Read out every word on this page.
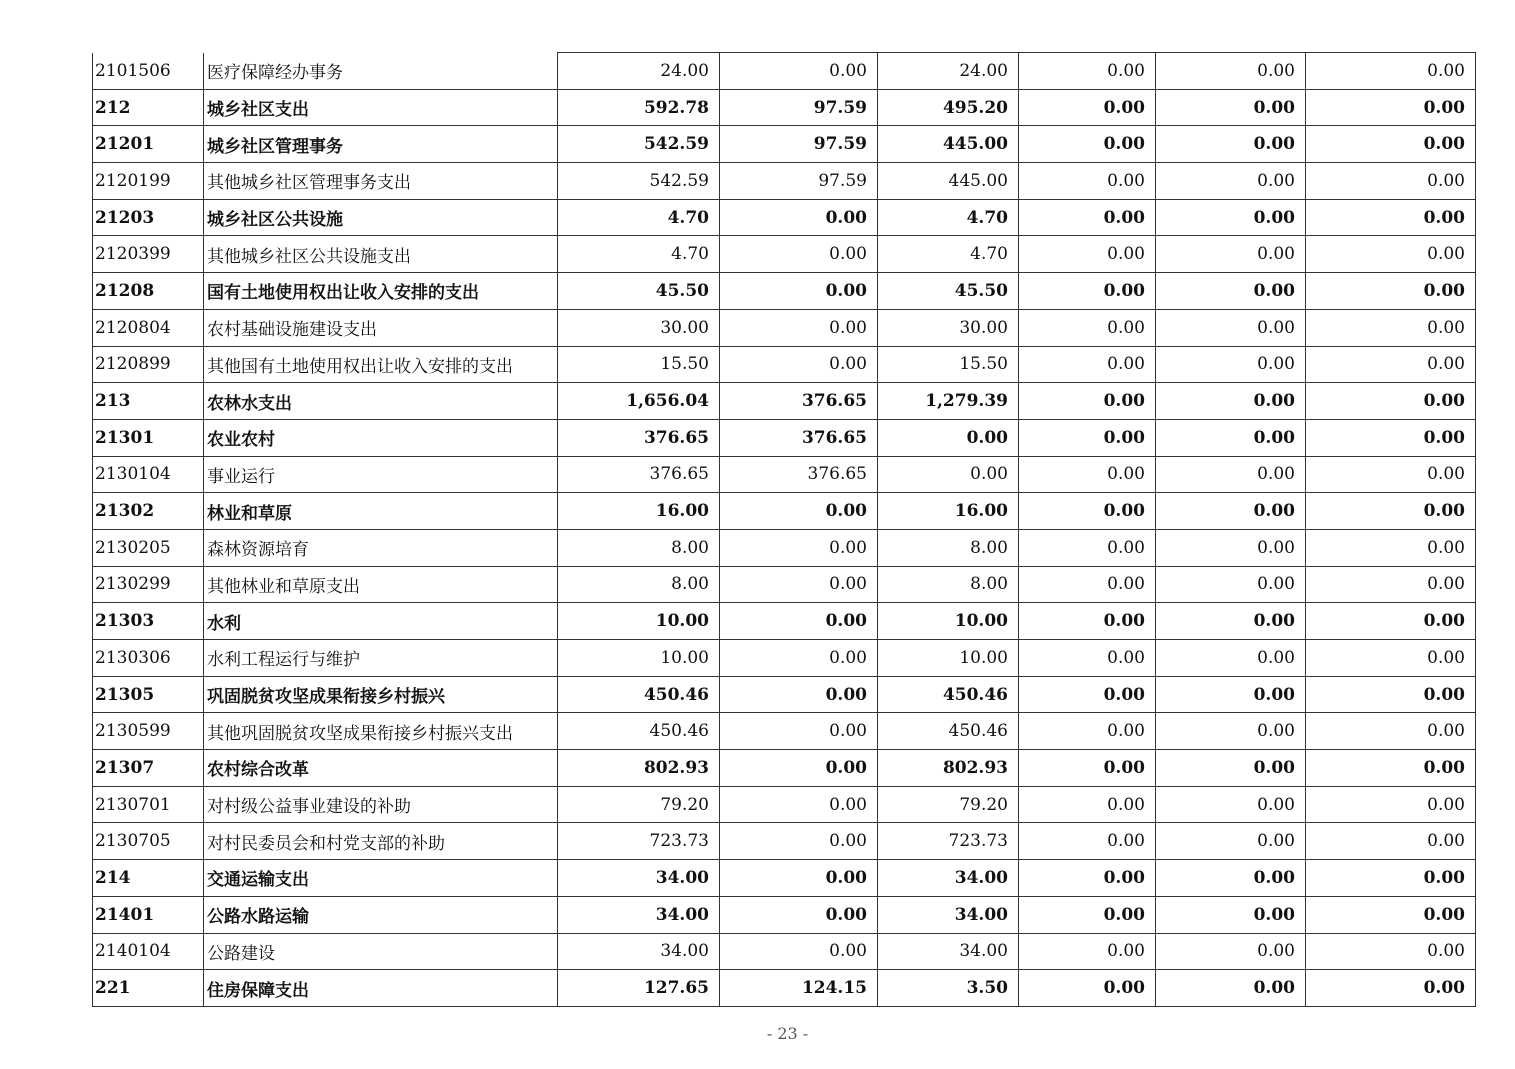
2101506	医疗保障经办事务	24.00	0.00	24.00	0.00	0.00	0.00
212	城乡社区支出	592.78	97.59	495.20	0.00	0.00	0.00
21201	城乡社区管理事务	542.59	97.59	445.00	0.00	0.00	0.00
2120199	其他城乡社区管理事务支出	542.59	97.59	445.00	0.00	0.00	0.00
21203	城乡社区公共设施	4.70	0.00	4.70	0.00	0.00	0.00
2120399	其他城乡社区公共设施支出	4.70	0.00	4.70	0.00	0.00	0.00
21208	国有土地使用权出让收入安排的支出	45.50	0.00	45.50	0.00	0.00	0.00
2120804	农村基础设施建设支出	30.00	0.00	30.00	0.00	0.00	0.00
2120899	其他国有土地使用权出让收入安排的支出	15.50	0.00	15.50	0.00	0.00	0.00
213	农林水支出	1,656.04	376.65	1,279.39	0.00	0.00	0.00
21301	农业农村	376.65	376.65	0.00	0.00	0.00	0.00
2130104	事业运行	376.65	376.65	0.00	0.00	0.00	0.00
21302	林业和草原	16.00	0.00	16.00	0.00	0.00	0.00
2130205	森林资源培育	8.00	0.00	8.00	0.00	0.00	0.00
2130299	其他林业和草原支出	8.00	0.00	8.00	0.00	0.00	0.00
21303	水利	10.00	0.00	10.00	0.00	0.00	0.00
2130306	水利工程运行与维护	10.00	0.00	10.00	0.00	0.00	0.00
21305	巩固脱贫攻坚成果衔接乡村振兴	450.46	0.00	450.46	0.00	0.00	0.00
2130599	其他巩固脱贫攻坚成果衔接乡村振兴支出	450.46	0.00	450.46	0.00	0.00	0.00
21307	农村综合改革	802.93	0.00	802.93	0.00	0.00	0.00
2130701	对村级公益事业建设的补助	79.20	0.00	79.20	0.00	0.00	0.00
2130705	对村民委员会和村党支部的补助	723.73	0.00	723.73	0.00	0.00	0.00
214	交通运输支出	34.00	0.00	34.00	0.00	0.00	0.00
21401	公路水路运输	34.00	0.00	34.00	0.00	0.00	0.00
2140104	公路建设	34.00	0.00	34.00	0.00	0.00	0.00
221	住房保障支出	127.65	124.15	3.50	0.00	0.00	0.00
- 23 -
